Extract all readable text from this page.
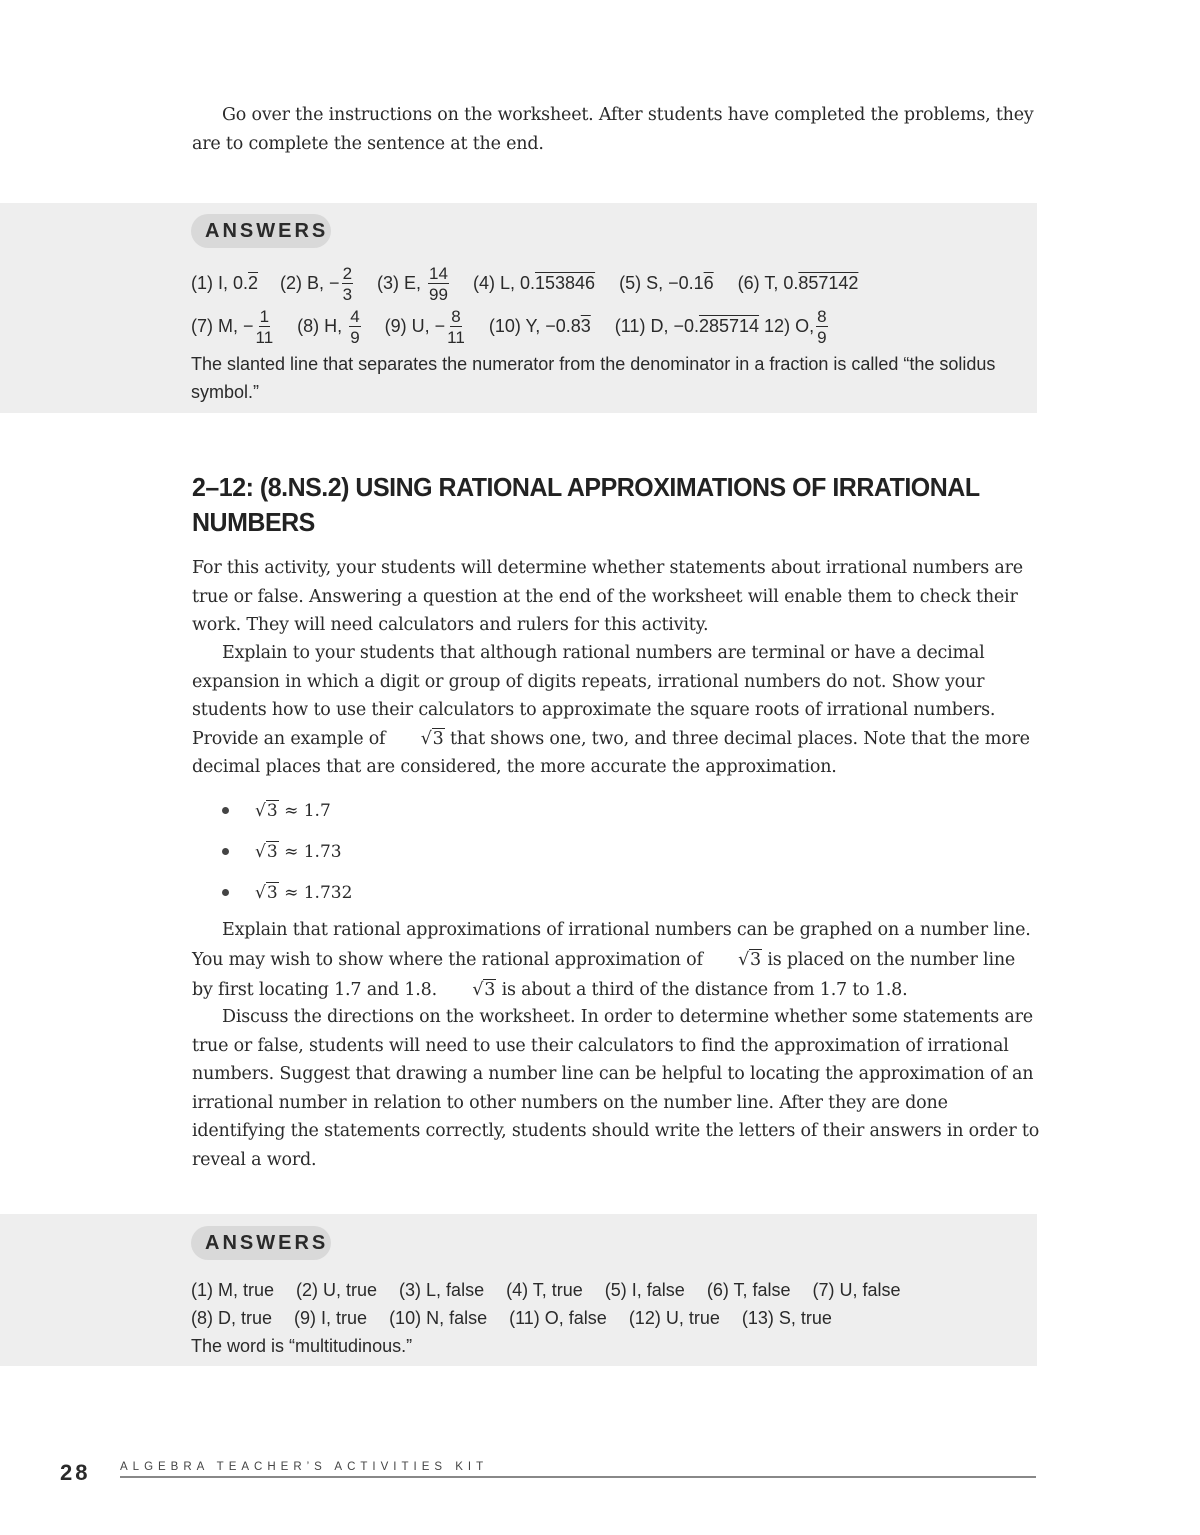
Go over the instructions on the worksheet. After students have completed the problems, they are to complete the sentence at the end.
ANSWERS
(1) I, 0.2 (2) B, − $\frac{2}{3} (3)$ E, $\frac{14}{99} (4)$ L, 0.153846 (5) S, −0.16 (6) T, 0.857142
(7) M, − $\frac{1}{11} (8)$ H, $\frac{4}{9} (9) U$, − $\frac{8}{11} (10)$ Y, −0.83 (11) D, −0.285714 12) O, $\frac{8}{9}$
The slanted line that separates the numerator from the denominator in a fraction is called “the solidus symbol.”
2–12: (8.NS.2) USING RATIONAL APPROXIMATIONS OF IRRATIONAL NUMBERS
For this activity, your students will determine whether statements about irrational numbers are true or false. Answering a question at the end of the worksheet will enable them to check their work. They will need calculators and rulers for this activity.
Explain to your students that although rational numbers are terminal or have a decimal expansion in which a digit or group of digits repeats, irrational numbers do not. Show your students how to use their calculators to approximate the square roots of irrational numbers. Provide an example of √3 that shows one, two, and three decimal places. Note that the more decimal places that are considered, the more accurate the approximation.
√3
≈ 1.7
√3
≈ 1.73
√3
≈ 1.732
Explain that rational approximations of irrational numbers can be graphed on a number line. You may wish to show where the rational approximation of √3 is placed on the number line by first locating 1.7 and 1.8. √3 is about a third of the distance from 1.7 to 1.8.
Discuss the directions on the worksheet. In order to determine whether some statements are true or false, students will need to use their calculators to find the approximation of irrational numbers. Suggest that drawing a number line can be helpful to locating the approximation of an irrational number in relation to other numbers on the number line. After they are done identifying the statements correctly, students should write the letters of their answers in order to reveal a word.
ANSWERS
(1) M, true (2) U, true (3) L, false (4) T, true (5) I, false (6) T, false (7) U, false
(8) D, true (9) I, true (10) N, false (11) O, false (12) U, true (13) S, true
The word is “multitudinous.”
28	ALGEBRA TEACHER’S ACTIVITIES KIT
